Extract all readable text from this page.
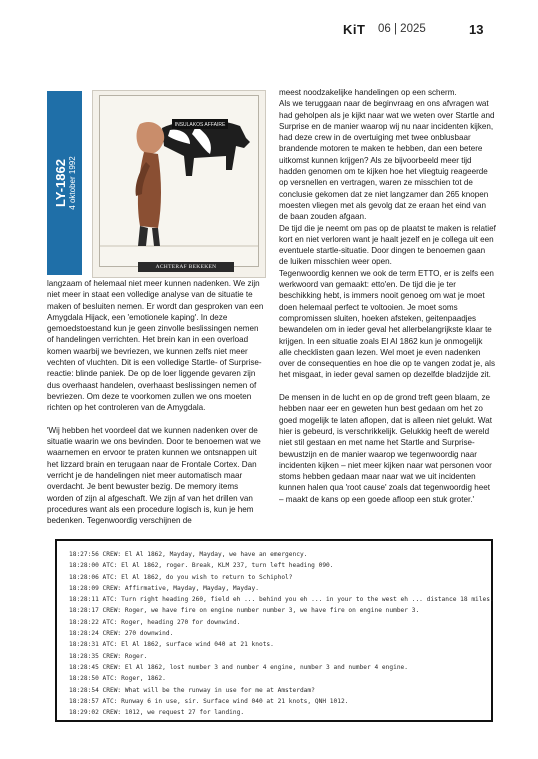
KiT 06 | 2025	13
LY-1862 4 oktober 1992
INSULAKOS AFFAIRE
ACHTERAF BEKEKEN

langzaam of helemaal niet meer kunnen nadenken. We zijn niet meer in staat een volledige analyse van de situatie te maken of besluiten nemen. Er wordt dan gesproken van een Amygdala Hijack, een 'emotionele kaping'. In deze gemoedstoestand kun je geen zinvolle beslissingen nemen of handelingen verrichten. Het brein kan in een overload komen waarbij we bevriezen, we kunnen zelfs niet meer vechten of vluchten. Dit is een volledige Startle- of Surprise-reactie: blinde paniek. De op de loer liggende gevaren zijn dus overhaast handelen, overhaast beslissingen nemen of bevriezen. Om deze te voorkomen zullen we ons moeten richten op het controleren van de Amygdala.

'Wij hebben het voordeel dat we kunnen nadenken over de situatie waarin we ons bevinden. Door te benoemen wat we waarnemen en ervoor te praten kunnen we ontsnappen uit het lizzard brain en terugaan naar de Frontale Cortex. Dan verricht je de handelingen niet meer automatisch maar overdacht. Je bent bewuster bezig. De memory items worden of zijn al afgeschaft. We zijn af van het drillen van procedures want als een procedure logisch is, kun je hem bedenken. Tegenwoordig verschijnen de

meest noodzakelijke handelingen op een scherm.

Als we teruggaan naar de beginvraag en ons afvragen wat had geholpen als je kijkt naar wat we weten over Startle and Surprise en de manier waarop wij nu naar incidenten kijken, had deze crew in de overtuiging met twee onblusbaar brandende motoren te maken te hebben, dan een betere uitkomst kunnen krijgen? Als ze bijvoorbeeld meer tijd hadden genomen om te kijken hoe het vliegtuig reageerde op versnellen en vertragen, waren ze misschien tot de conclusie gekomen dat ze niet langzamer dan 265 knopen moesten vliegen met als gevolg dat ze eraan het eind van de baan zouden afgaan.

De tijd die je neemt om pas op de plaatst te maken is relatief kort en niet verloren want je haalt jezelf en je collega uit een eventuele startle-situatie. Door dingen te benoemen gaan de luiken misschien weer open.

Tegenwoordig kennen we ook de term ETTO, er is zelfs een werkwoord van gemaakt: etto'en. De tijd die je ter beschikking hebt, is immers nooit genoeg om wat je moet doen helemaal perfect te voltooien. Je moet soms compromissen sluiten, hoeken afsteken, geitenpaadjes bewandelen om in ieder geval het allerbelangrijkste klaar te krijgen. In een situatie zoals El Al 1862 kun je onmogelijk alle checklisten gaan lezen. Wel moet je even nadenken over de consequenties en hoe die op te vangen zodat je, als het misgaat, in ieder geval samen op dezelfde bladzijde zit.

De mensen in de lucht en op de grond treft geen blaam, ze hebben naar eer en geweten hun best gedaan om het zo goed mogelijk te laten aflopen, dat is alleen niet gelukt. Wat hier is gebeurd, is verschrikkelijk. Gelukkig heeft de wereld niet stil gestaan en met name het Startle and Surprise-bewustzijn en de manier waarop we tegenwoordig naar incidenten kijken – niet meer kijken naar wat personen voor stoms hebben gedaan maar naar wat we uit incidenten kunnen halen qua 'root cause' zoals dat tegenwoordig heet – maakt de kans op een goede afloop een stuk groter.'

18:27:56 CREW: El Al 1862, Mayday, Mayday, we have an emergency.
18:28:00 ATC: El Al 1862, roger. Break, KLM 237, turn left heading 090.
18:28:06 ATC: El Al 1862, do you wish to return to Schiphol?
18:28:09 CREW: Affirmative, Mayday, Mayday, Mayday.
18:28:11 ATC: Turn right heading 260, field eh ... behind you eh ... in your to the west eh ... distance 18 miles.
18:28:17 CREW: Roger, we have fire on engine number number 3, we have fire on engine number 3.
18:28:22 ATC: Roger, heading 270 for downwind.
18:28:24 CREW: 270 downwind.
18:28:31 ATC: El Al 1862, surface wind 040 at 21 knots.
18:28:35 CREW: Roger.
18:28:45 CREW: El Al 1862, lost number 3 and number 4 engine, number 3 and number 4 engine.
18:28:50 ATC: Roger, 1862.
18:28:54 CREW: What will be the runway in use for me at Amsterdam?
18:28:57 ATC: Runway 6 in use, sir. Surface wind 040 at 21 knots, QNH 1012.
18:29:02 CREW: 1012, we request 27 for landing.
